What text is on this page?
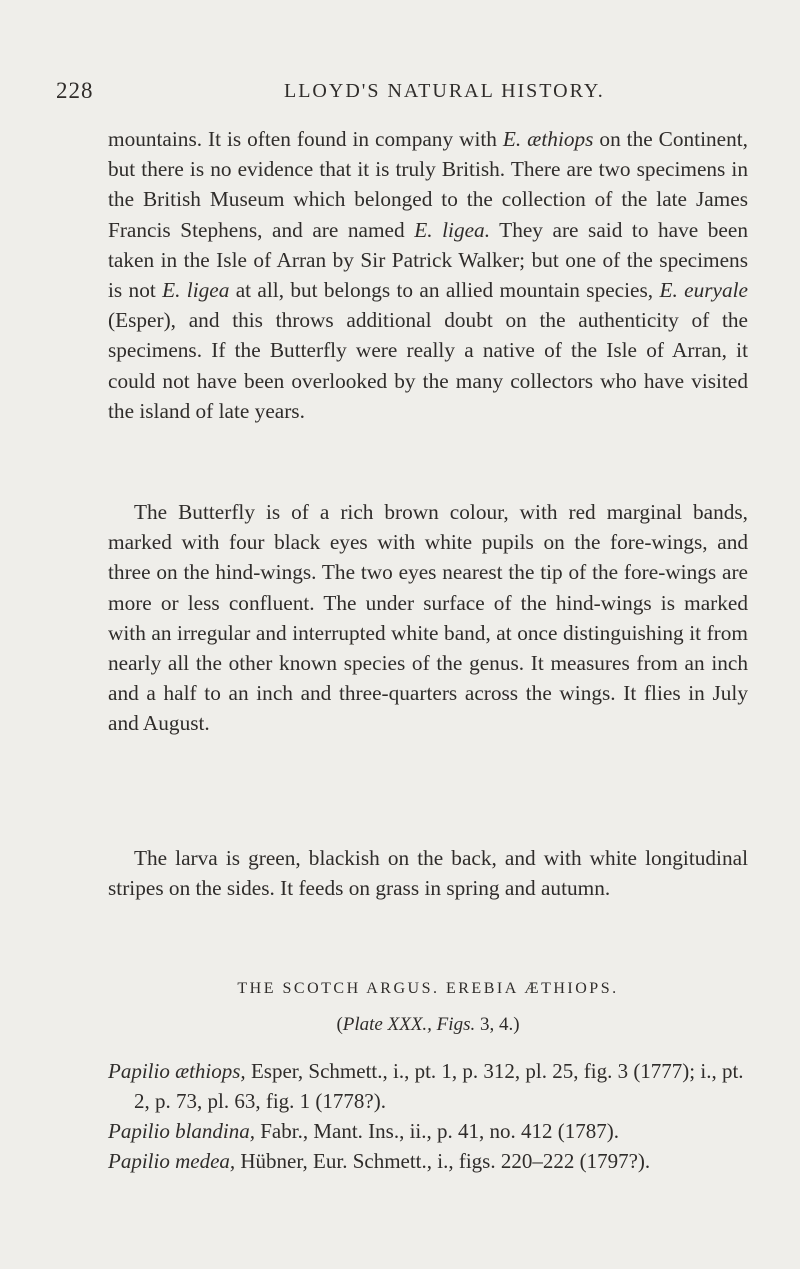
228	LLOYD'S NATURAL HISTORY.

mountains. It is often found in company with E. æthiops on the Continent, but there is no evidence that it is truly British. There are two specimens in the British Museum which belonged to the collection of the late James Francis Stephens, and are named E. ligea. They are said to have been taken in the Isle of Arran by Sir Patrick Walker; but one of the specimens is not E. ligea at all, but belongs to an allied mountain species, E. euryale (Esper), and this throws additional doubt on the authenticity of the specimens. If the Butterfly were really a native of the Isle of Arran, it could not have been overlooked by the many collectors who have visited the island of late years.

The Butterfly is of a rich brown colour, with red marginal bands, marked with four black eyes with white pupils on the fore-wings, and three on the hind-wings. The two eyes nearest the tip of the fore-wings are more or less confluent. The under surface of the hind-wings is marked with an irregular and interrupted white band, at once distinguishing it from nearly all the other known species of the genus. It measures from an inch and a half to an inch and three-quarters across the wings. It flies in July and August.

The larva is green, blackish on the back, and with white longitudinal stripes on the sides. It feeds on grass in spring and autumn.

THE SCOTCH ARGUS. EREBIA ÆTHIOPS.
(Plate XXX., Figs. 3, 4.)

Papilio æthiops, Esper, Schmett., i., pt. 1, p. 312, pl. 25, fig. 3 (1777); i., pt. 2, p. 73, pl. 63, fig. 1 (1778?).

Papilio blandina, Fabr., Mant. Ins., ii., p. 41, no. 412 (1787).

Papilio medea, Hübner, Eur. Schmett., i., figs. 220–222 (1797?).
